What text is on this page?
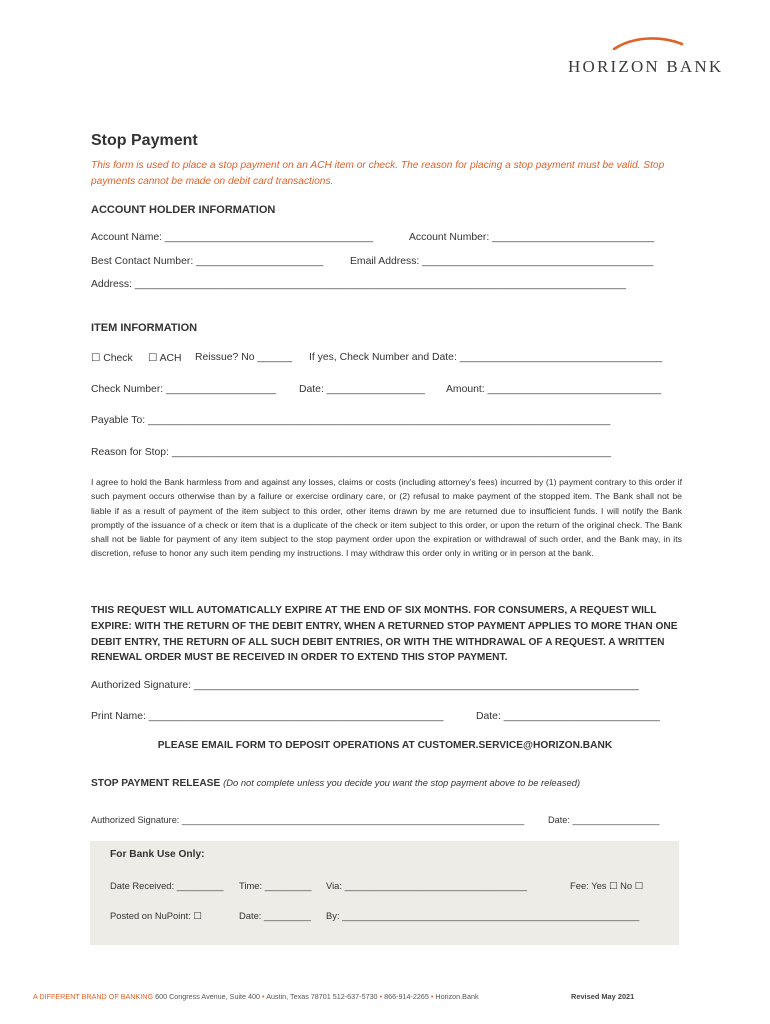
HORIZON BANK
Stop Payment
This form is used to place a stop payment on an ACH item or check. The reason for placing a stop payment must be valid. Stop payments cannot be made on debit card transactions.
ACCOUNT HOLDER INFORMATION
Account Name: ____________________________________	Account Number: ____________________________
Best Contact Number: ______________________	Email Address: ________________________________________
Address: _____________________________________________________________________________________
ITEM INFORMATION
☐ Check ☐ ACH Reissue? No ______ If yes, Check Number and Date: ___________________________________
Check Number: ___________________ Date: _________________ Amount: ______________________________
Payable To: ________________________________________________________________________________
Reason for Stop: ____________________________________________________________________________
I agree to hold the Bank harmless from and against any losses, claims or costs (including attorney’s fees) incurred by (1) payment contrary to this order if such payment occurs otherwise than by a failure or exercise ordinary care, or (2) refusal to make payment of the stopped item. The Bank shall not be liable if as a result of payment of the item subject to this order, other items drawn by me are returned due to insufficient funds. I will notify the Bank promptly of the issuance of a check or item that is a duplicate of the check or item subject to this order, or upon the return of the original check. The Bank shall not be liable for payment of any item subject to the stop payment order upon the expiration or withdrawal of such order, and the Bank may, in its discretion, refuse to honor any such item pending my instructions. I may withdraw this order only in writing or in person at the bank.
THIS REQUEST WILL AUTOMATICALLY EXPIRE AT THE END OF SIX MONTHS. FOR CONSUMERS, A REQUEST WILL EXPIRE: WITH THE RETURN OF THE DEBIT ENTRY, WHEN A RETURNED STOP PAYMENT APPLIES TO MORE THAN ONE DEBIT ENTRY, THE RETURN OF ALL SUCH DEBIT ENTRIES, OR WITH THE WITHDRAWAL OF A REQUEST. A WRITTEN RENEWAL ORDER MUST BE RECEIVED IN ORDER TO EXTEND THIS STOP PAYMENT.
Authorized Signature: _____________________________________________________________________________
Print Name: ___________________________________________________	Date: ___________________________
PLEASE EMAIL FORM TO DEPOSIT OPERATIONS AT CUSTOMER.SERVICE@HORIZON.BANK
STOP PAYMENT RELEASE (Do not complete unless you decide you want the stop payment above to be released)
Authorized Signature: ___________________________________________________________________	Date: _________________
For Bank Use Only:
Date Received: _________ Time: _________ Via: ___________________________________	Fee: Yes ☐ No ☐
Posted on NuPoint: ☐	Date: _________ By: _________________________________________________________
A DIFFERENT BRAND OF BANKING 600 Congress Avenue, Suite 400 • Austin, Texas 78701 512-637-5730 • 866-914-2265 • Horizon.Bank	Revised May 2021
